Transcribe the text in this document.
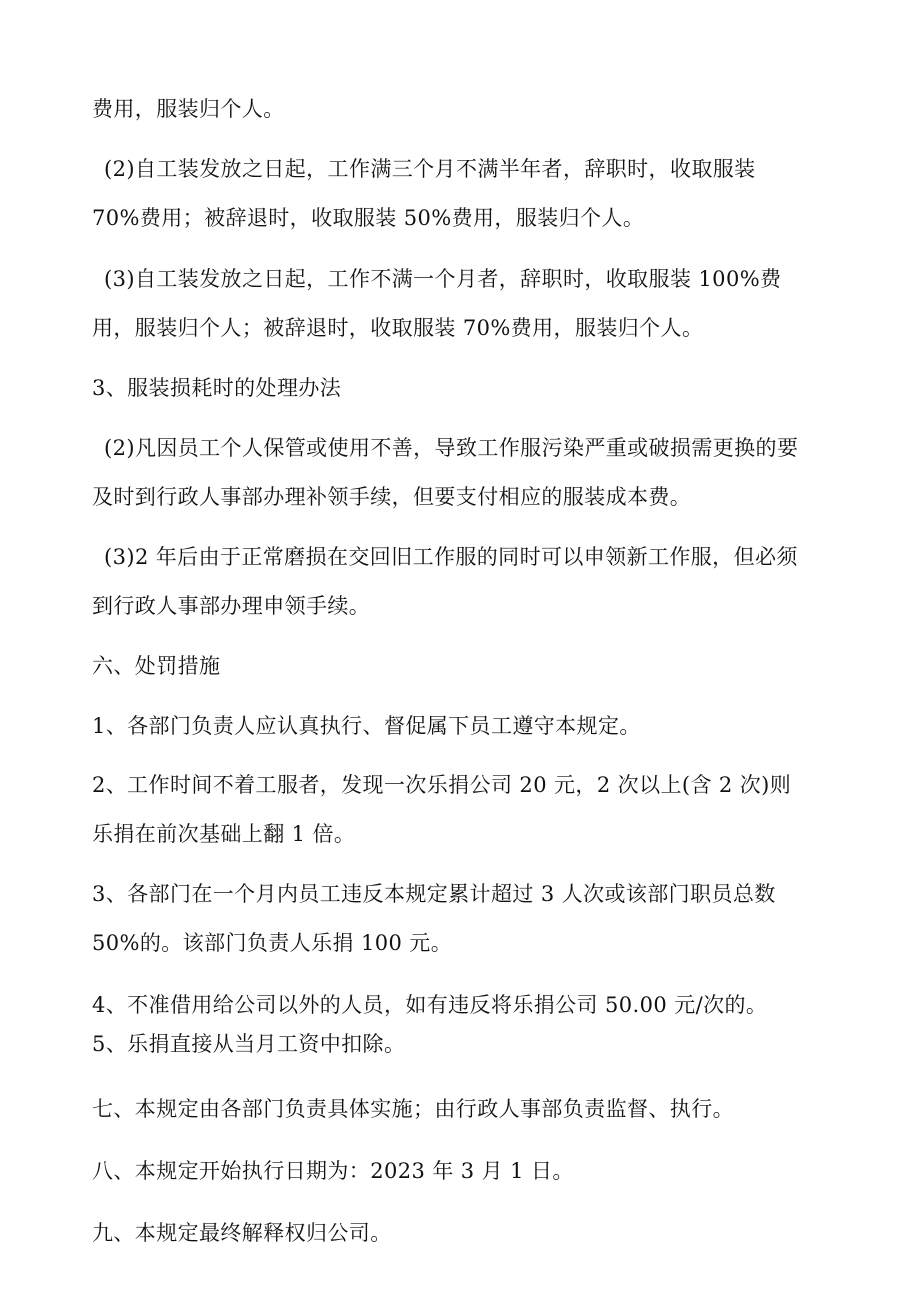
费用，服装归个人。
(2)自工装发放之日起，工作满三个月不满半年者，辞职时，收取服装
70%费用；被辞退时，收取服装 50%费用，服装归个人。
(3)自工装发放之日起，工作不满一个月者，辞职时，收取服装 100%费
用，服装归个人；被辞退时，收取服装 70%费用，服装归个人。
3、服装损耗时的处理办法
(2)凡因员工个人保管或使用不善，导致工作服污染严重或破损需更换的要
及时到行政人事部办理补领手续，但要支付相应的服装成本费。
(3)2 年后由于正常磨损在交回旧工作服的同时可以申领新工作服，但必须
到行政人事部办理申领手续。
六、处罚措施
1、各部门负责人应认真执行、督促属下员工遵守本规定。
2、工作时间不着工服者，发现一次乐捐公司 20 元，2 次以上(含 2 次)则
乐捐在前次基础上翻 1 倍。
3、各部门在一个月内员工违反本规定累计超过 3 人次或该部门职员总数
50%的。该部门负责人乐捐 100 元。
4、不准借用给公司以外的人员，如有违反将乐捐公司 50.00 元/次的。
5、乐捐直接从当月工资中扣除。
七、本规定由各部门负责具体实施；由行政人事部负责监督、执行。
八、本规定开始执行日期为：2023 年 3 月 1 日。
九、本规定最终解释权归公司。
